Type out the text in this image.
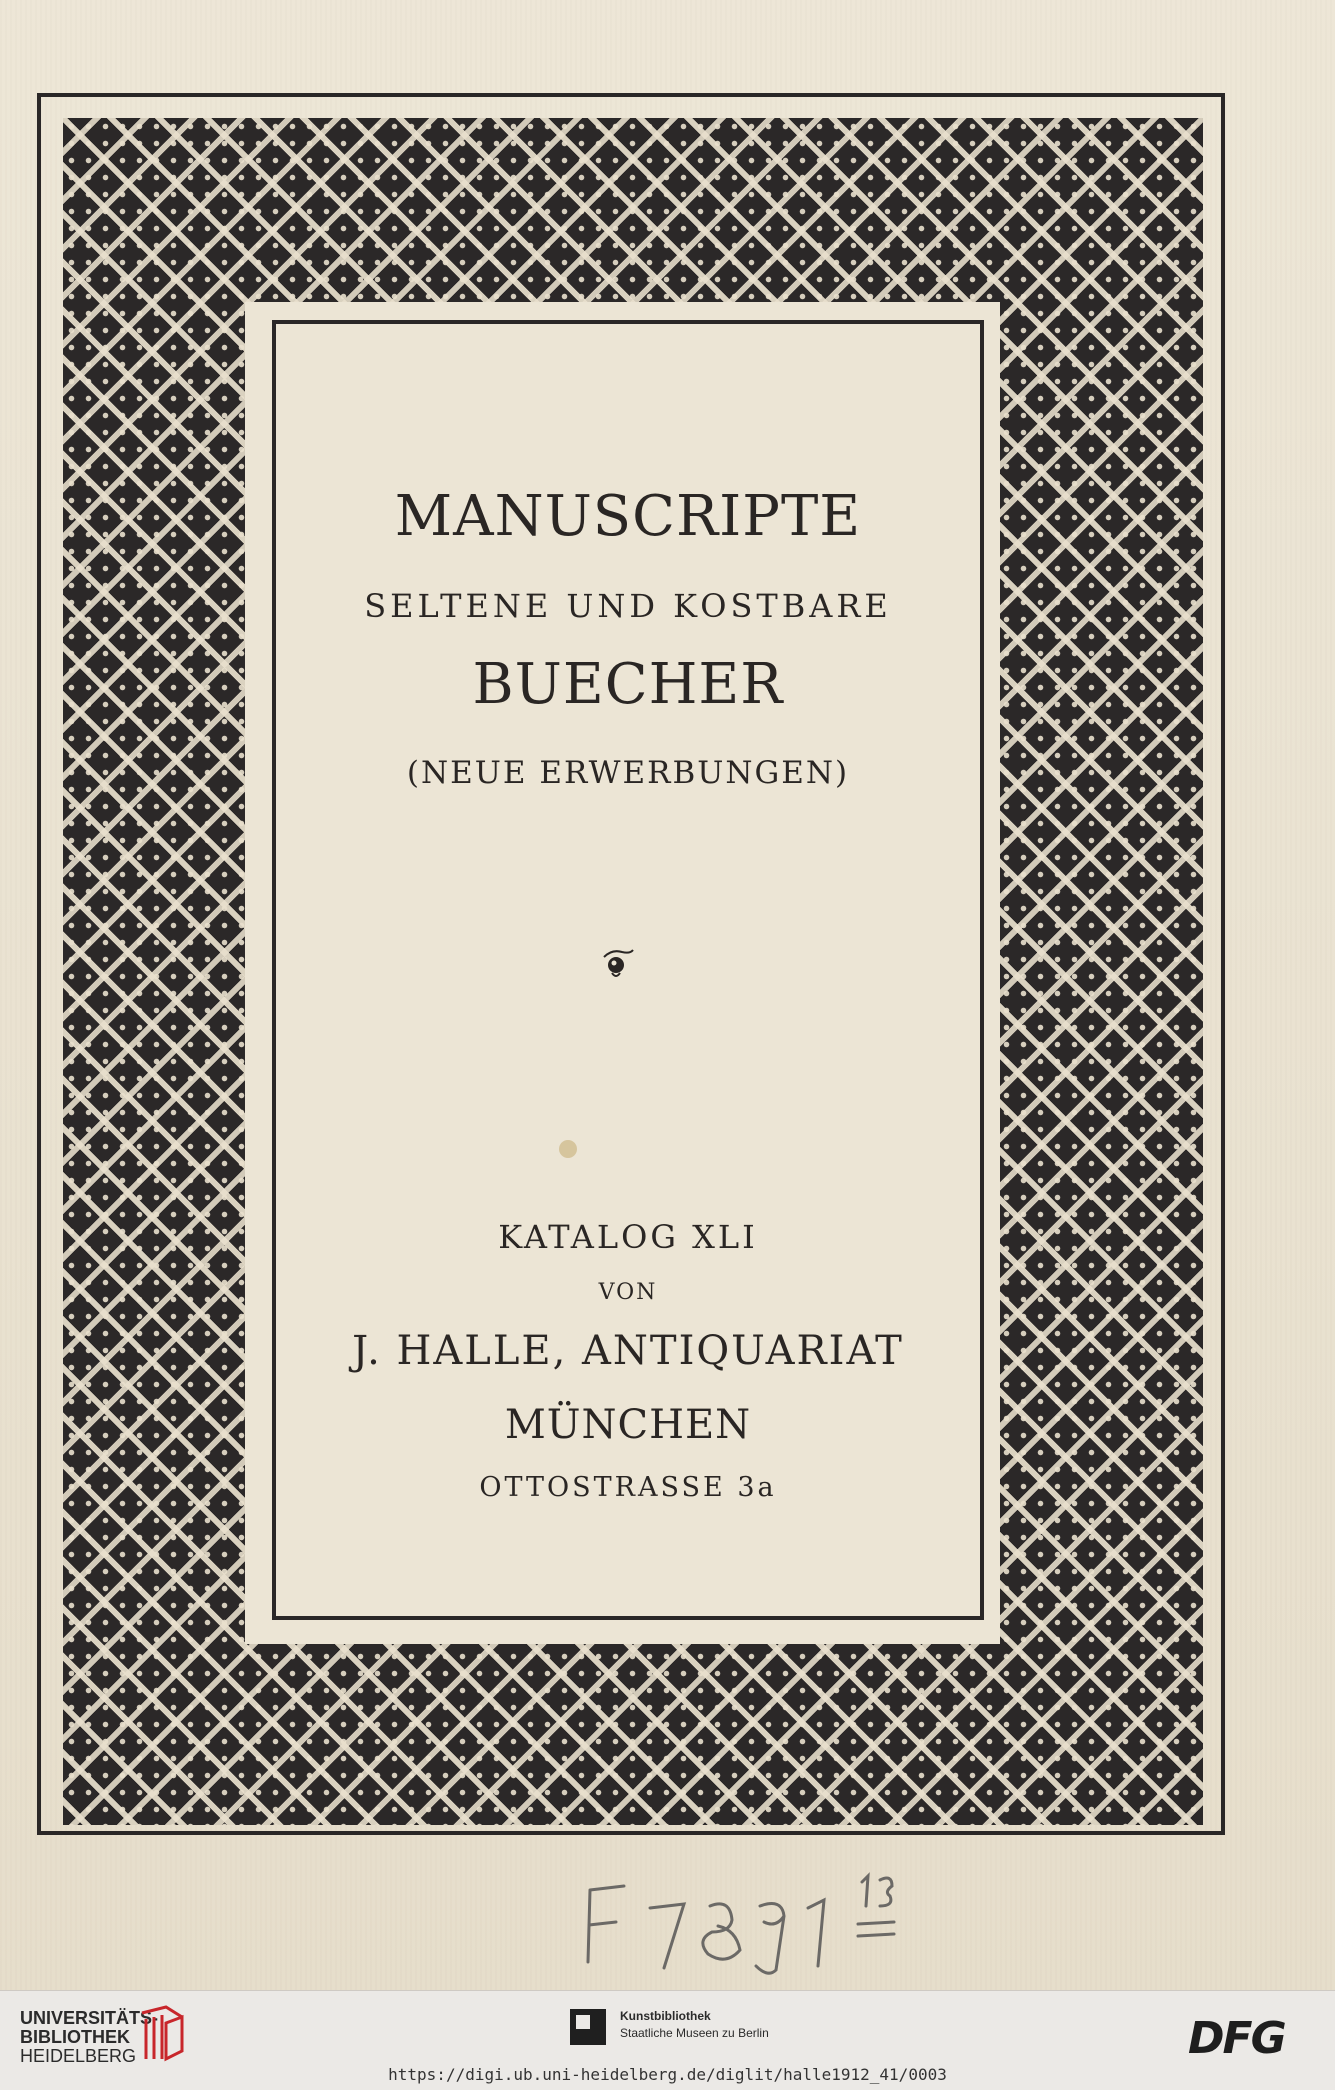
MANUSCRIPTE
SELTENE UND KOSTBARE
BUECHER
(NEUE ERWERBUNGEN)
KATALOG XLI
VON
J. HALLE, ANTIQUARIAT
MÜNCHEN
OTTOSTRASSE 3a
UNIVERSITÄTS-
BIBLIOTHEK
HEIDELBERG
Kunstbibliothek
Staatliche Museen zu Berlin	DFG
https://digi.ub.uni-heidelberg.de/diglit/halle1912_41/0003
